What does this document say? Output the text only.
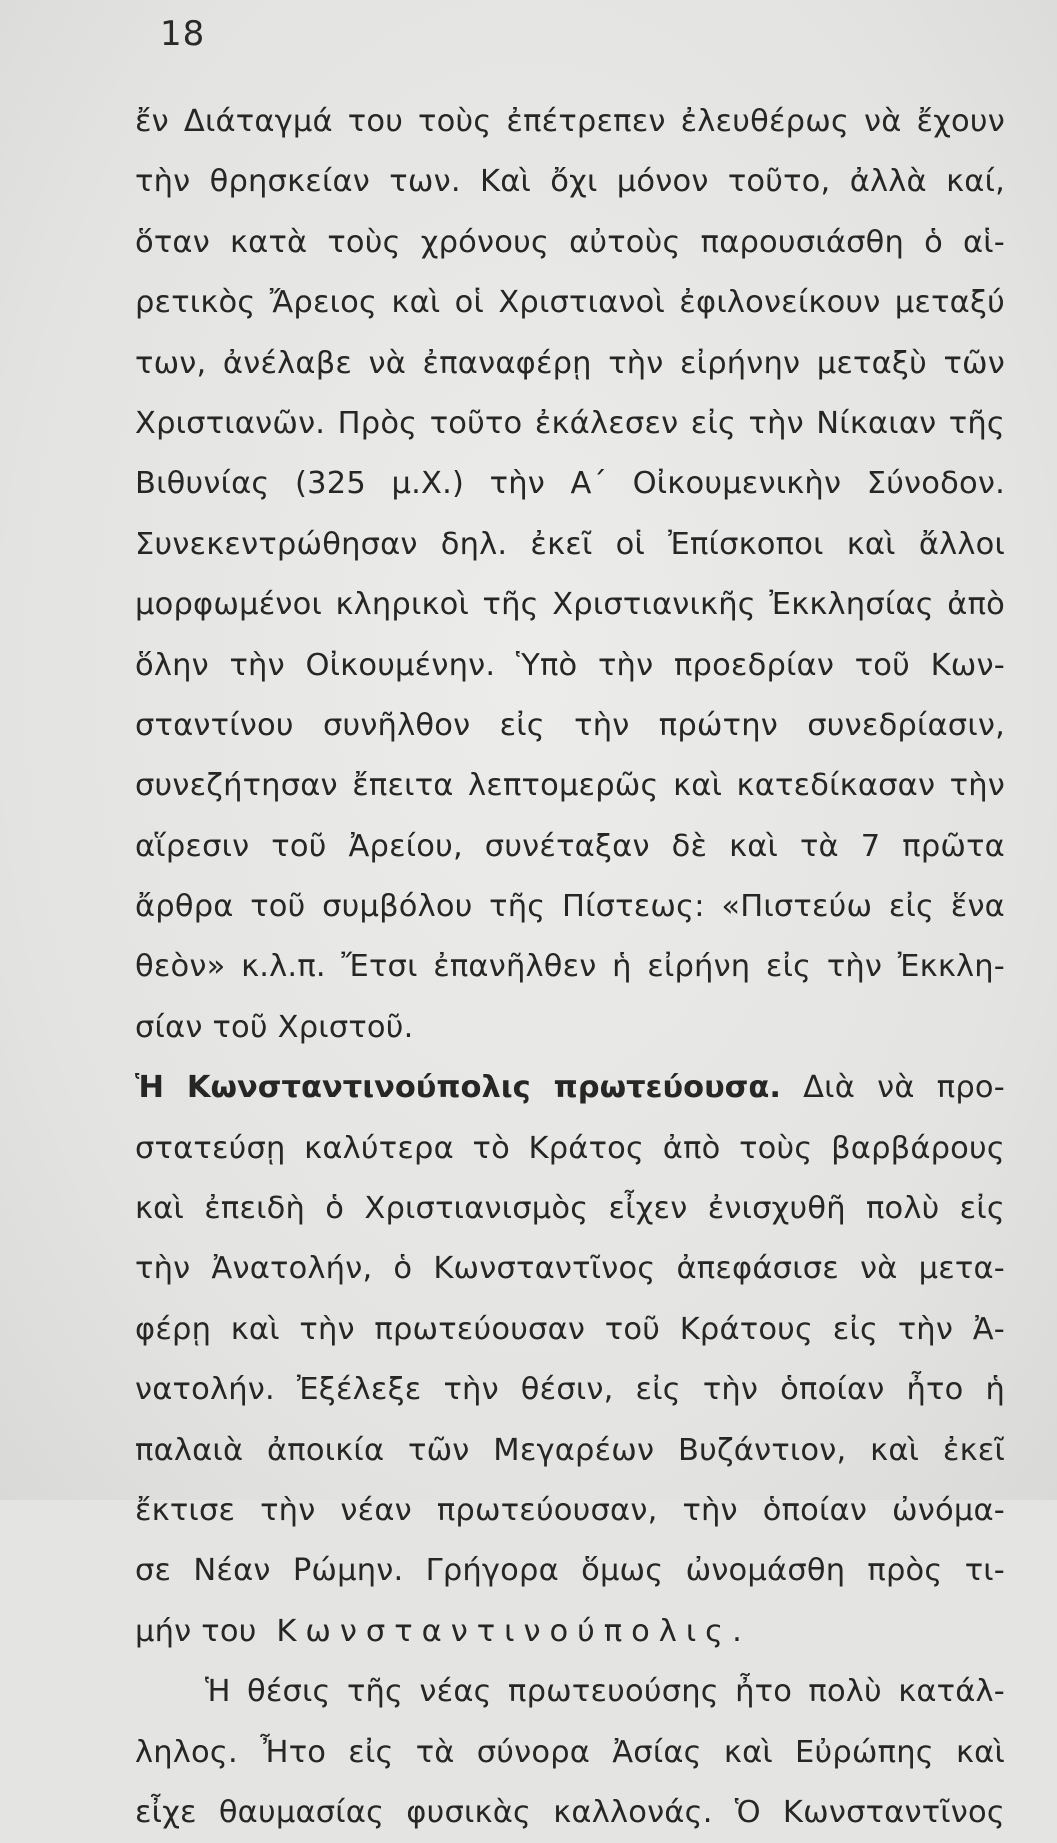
18
ἔν Διάταγμά του τοὺς ἐπέτρεπεν ἐλευθέρως νὰ ἔχουν
τὴν θρησκείαν των. Καὶ ὄχι μόνον τοῦτο, ἀλλὰ καί,
ὅταν κατὰ τοὺς χρόνους αὐτοὺς παρουσιάσθη ὁ αἱ-
ρετικὸς Ἄρειος καὶ οἱ Χριστιανοὶ ἐφιλονείκουν μεταξύ
των, ἀνέλαβε νὰ ἐπαναφέρῃ τὴν εἰρήνην μεταξὺ τῶν
Χριστιανῶν. Πρὸς τοῦτο ἐκάλεσεν εἰς τὴν Νίκαιαν τῆς
Βιθυνίας (325 μ.Χ.) τὴν Α΄ Οἰκουμενικὴν Σύνοδον.
Συνεκεντρώθησαν δηλ. ἐκεῖ οἱ Ἐπίσκοποι καὶ ἄλλοι
μορφωμένοι κληρικοὶ τῆς Χριστιανικῆς Ἐκκλησίας ἀπὸ
ὅλην τὴν Οἰκουμένην. Ὑπὸ τὴν προεδρίαν τοῦ Κων-
σταντίνου συνῆλθον εἰς τὴν πρώτην συνεδρίασιν,
συνεζήτησαν ἔπειτα λεπτομερῶς καὶ κατεδίκασαν τὴν
αἵρεσιν τοῦ Ἀρείου, συνέταξαν δὲ καὶ τὰ 7 πρῶτα
ἄρθρα τοῦ συμβόλου τῆς Πίστεως: «Πιστεύω εἰς ἕνα
θεὸν» κ.λ.π. Ἔτσι ἐπανῆλθεν ἡ εἰρήνη εἰς τὴν Ἐκκλη-
σίαν τοῦ Χριστοῦ.
Ἡ Κωνσταντινούπολις πρωτεύουσα. Διὰ νὰ προ-
στατεύσῃ καλύτερα τὸ Κράτος ἀπὸ τοὺς βαρβάρους
καὶ ἐπειδὴ ὁ Χριστιανισμὸς εἶχεν ἐνισχυθῆ πολὺ εἰς
τὴν Ἀνατολήν, ὁ Κωνσταντῖνος ἀπεφάσισε νὰ μετα-
φέρῃ καὶ τὴν πρωτεύουσαν τοῦ Κράτους εἰς τὴν Ἀ-
νατολήν. Ἐξέλεξε τὴν θέσιν, εἰς τὴν ὁποίαν ἦτο ἡ
παλαιὰ ἀποικία τῶν Μεγαρέων Βυζάντιον, καὶ ἐκεῖ
ἔκτισε τὴν νέαν πρωτεύουσαν, τὴν ὁποίαν ὠνόμα-
σε Νέαν Ρώμην. Γρήγορα ὅμως ὠνομάσθη πρὸς τι-
μήν του Κωνσταντινούπολις.
Ἡ θέσις τῆς νέας πρωτευούσης ἦτο πολὺ κατάλ-
ληλος. Ἦτο εἰς τὰ σύνορα Ἀσίας καὶ Εὐρώπης καὶ
εἶχε θαυμασίας φυσικὰς καλλονάς. Ὁ Κωνσταντῖνος
